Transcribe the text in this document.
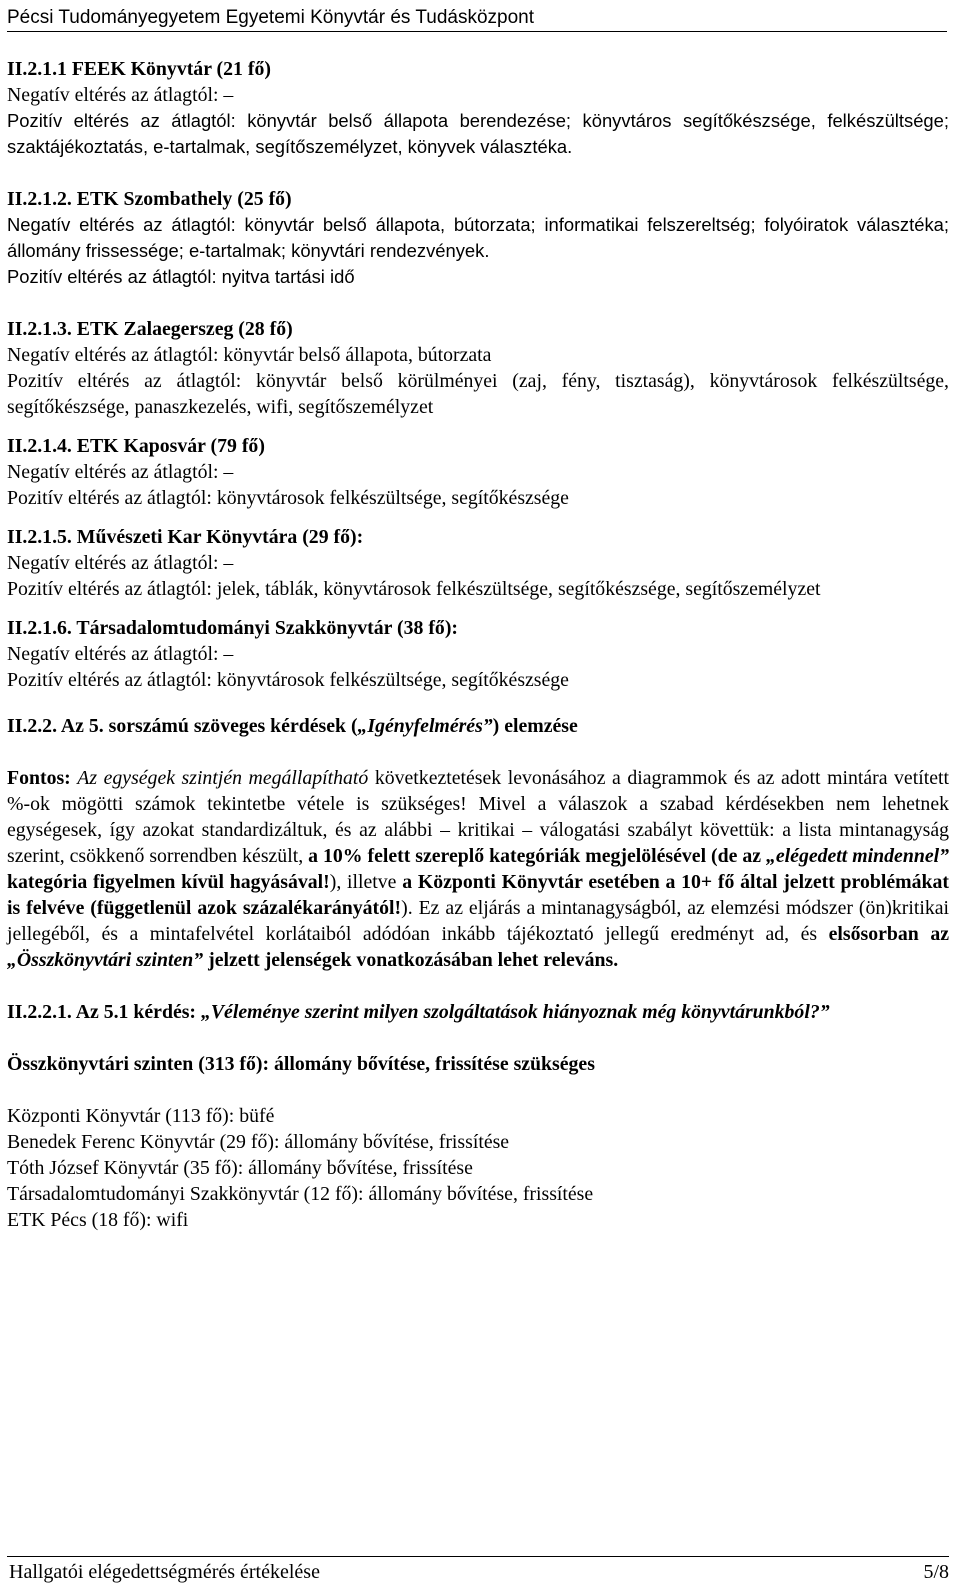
Pécsi Tudományegyetem Egyetemi Könyvtár és Tudásközpont

II.2.1.1 FEEK Könyvtár (21 fő)

Negatív eltérés az átlagtól: –

Pozitív eltérés az átlagtól: könyvtár belső állapota berendezése; könyvtáros segítőkészsége, felkészültsége; szaktájékoztatás, e-tartalmak, segítőszemélyzet, könyvek választéka.

II.2.1.2. ETK Szombathely (25 fő)

Negatív eltérés az átlagtól: könyvtár belső állapota, bútorzata; informatikai felszereltség; folyóiratok választéka; állomány frissessége; e-tartalmak; könyvtári rendezvények.

Pozitív eltérés az átlagtól: nyitva tartási idő

II.2.1.3. ETK Zalaegerszeg (28 fő)

Negatív eltérés az átlagtól: könyvtár belső állapota, bútorzata

Pozitív eltérés az átlagtól: könyvtár belső körülményei (zaj, fény, tisztaság), könyvtárosok felkészültsége, segítőkészsége, panaszkezelés, wifi, segítőszemélyzet

II.2.1.4. ETK Kaposvár (79 fő)

Negatív eltérés az átlagtól: –

Pozitív eltérés az átlagtól: könyvtárosok felkészültsége, segítőkészsége

II.2.1.5. Művészeti Kar Könyvtára (29 fő):

Negatív eltérés az átlagtól: –

Pozitív eltérés az átlagtól: jelek, táblák, könyvtárosok felkészültsége, segítőkészsége, segítőszemélyzet

II.2.1.6. Társadalomtudományi Szakkönyvtár (38 fő):

Negatív eltérés az átlagtól: –

Pozitív eltérés az átlagtól: könyvtárosok felkészültsége, segítőkészsége

II.2.2. Az 5. sorszámú szöveges kérdések („Igényfelmérés”) elemzése

Fontos: Az egységek szintjén megállapítható következtetések levonásához a diagrammok és az adott mintára vetített %-ok mögötti számok tekintetbe vétele is szükséges! Mivel a válaszok a szabad kérdésekben nem lehetnek egységesek, így azokat standardizáltuk, és az alábbi – kritikai – válogatási szabályt követtük: a lista mintanagyság szerint, csökkenő sorrendben készült, a 10% felett szereplő kategóriák megjelölésével (de az „elégedett mindennel” kategória figyelmen kívül hagyásával!), illetve a Központi Könyvtár esetében a 10+ fő által jelzett problémákat is felvéve (függetlenül azok százalékarányától!). Ez az eljárás a mintanagyságból, az elemzési módszer (ön)kritikai jellegéből, és a mintafelvétel korlátaiból adódóan inkább tájékoztató jellegű eredményt ad, és elsősorban az „Összkönyvtári szinten” jelzett jelenségek vonatkozásában lehet releváns.

II.2.2.1. Az 5.1 kérdés: „Véleménye szerint milyen szolgáltatások hiányoznak még könyvtárunkból?”

Összkönyvtári szinten (313 fő): állomány bővítése, frissítése szükséges

Központi Könyvtár (113 fő): büfé

Benedek Ferenc Könyvtár (29 fő): állomány bővítése, frissítése

Tóth József Könyvtár (35 fő): állomány bővítése, frissítése

Társadalomtudományi Szakkönyvtár (12 fő): állomány bővítése, frissítése

ETK Pécs (18 fő): wifi

Hallgatói elégedettségmérés értékelése	5/8
